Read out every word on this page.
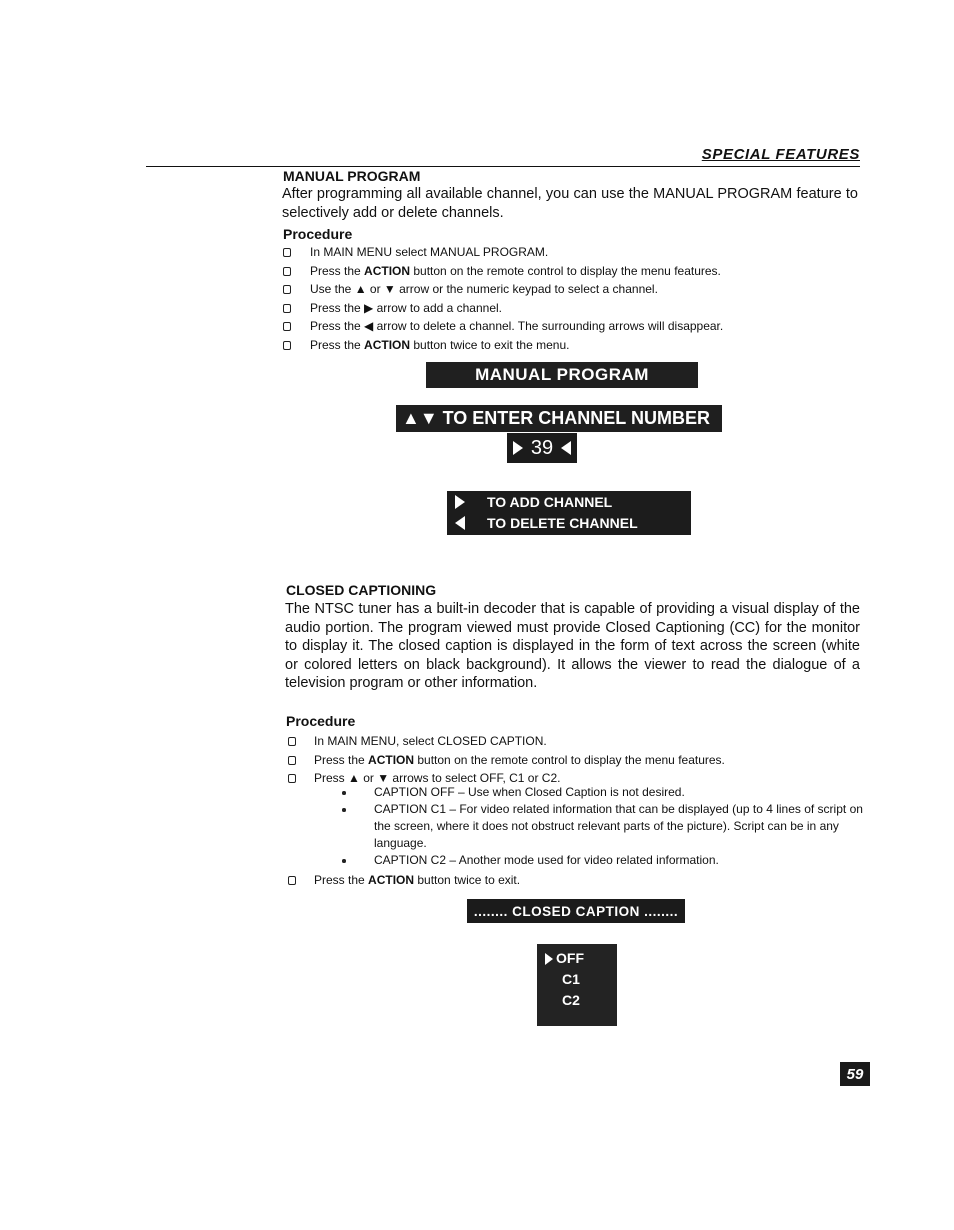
SPECIAL FEATURES
MANUAL PROGRAM
After programming all available channel, you can use the MANUAL PROGRAM feature to selectively add or delete channels.
Procedure
In MAIN MENU select MANUAL PROGRAM.
Press the ACTION button on the remote control to display the menu features.
Use the ▲ or ▼ arrow or the numeric keypad to select a channel.
Press the ▶ arrow to add a channel.
Press the ◀ arrow to delete a channel. The surrounding arrows will disappear.
Press the ACTION button twice to exit the menu.
MANUAL PROGRAM
▲▼ TO ENTER CHANNEL NUMBER
39
TO ADD CHANNEL
TO DELETE CHANNEL
CLOSED CAPTIONING
The NTSC tuner has a built-in decoder that is capable of providing a visual display of the audio portion. The program viewed must provide Closed Captioning (CC) for the monitor to display it. The closed caption is displayed in the form of text across the screen (white or colored letters on black background). It allows the viewer to read the dialogue of a television program or other information.
Procedure
In MAIN MENU, select CLOSED CAPTION.
Press the ACTION button on the remote control to display the menu features.
Press ▲ or ▼ arrows to select OFF, C1 or C2.
CAPTION OFF – Use when Closed Caption is not desired.
CAPTION C1 – For video related information that can be displayed (up to 4 lines of script on the screen, where it does not obstruct relevant parts of the picture). Script can be in any language.
CAPTION C2 – Another mode used for video related information.
Press the ACTION button twice to exit.
........ CLOSED CAPTION ........
OFF
C1
C2
59
